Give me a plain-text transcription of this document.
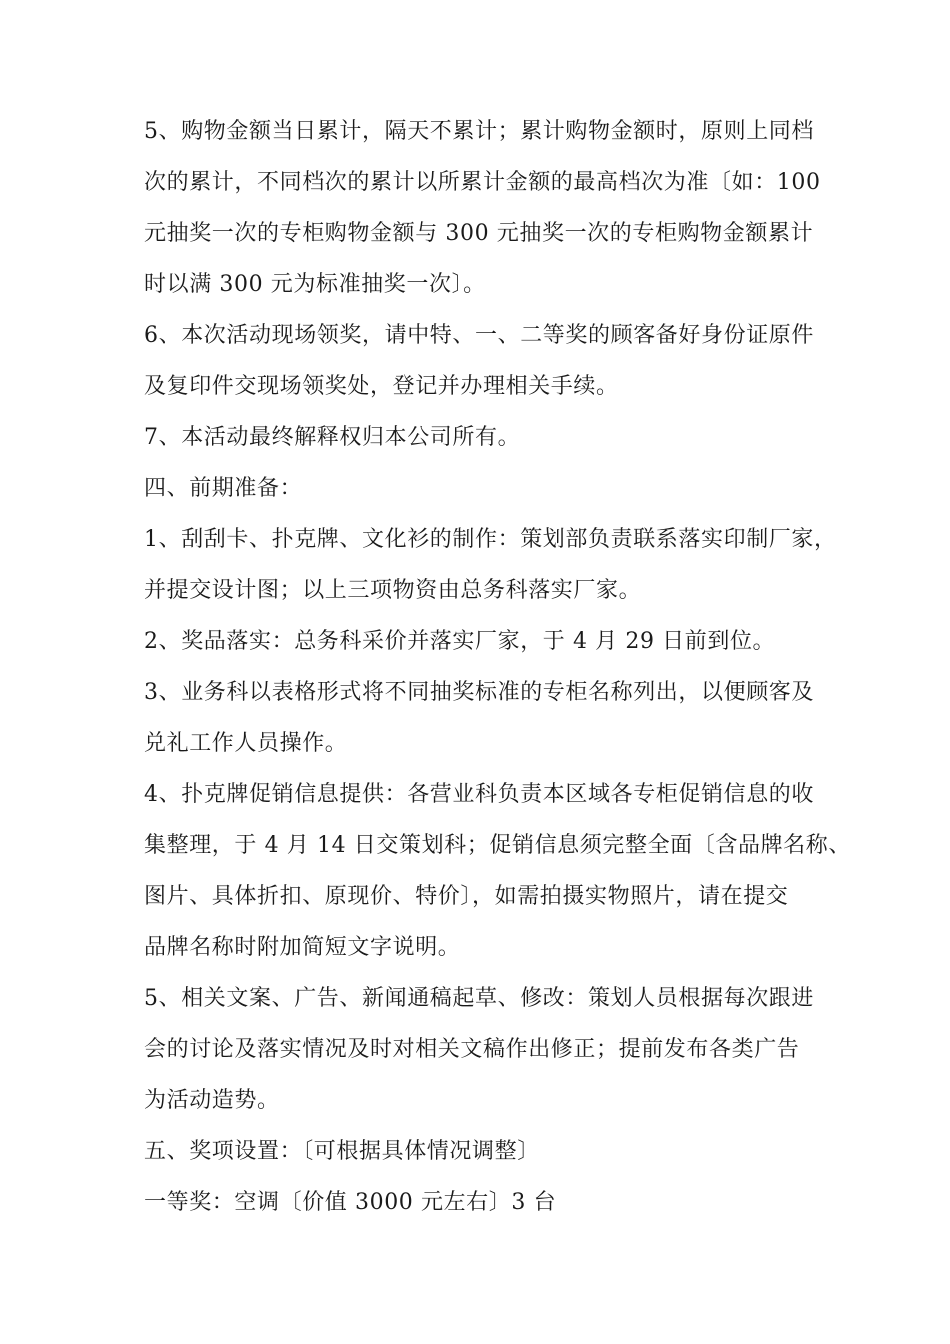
5、购物金额当日累计，隔天不累计；累计购物金额时，原则上同档
次的累计，不同档次的累计以所累计金额的最高档次为准〔如：100
元抽奖一次的专柜购物金额与 300 元抽奖一次的专柜购物金额累计
时以满 300 元为标准抽奖一次〕。

6、本次活动现场领奖，请中特、一、二等奖的顾客备好身份证原件
及复印件交现场领奖处，登记并办理相关手续。

7、本活动最终解释权归本公司所有。

四、前期准备：

1、刮刮卡、扑克牌、文化衫的制作：策划部负责联系落实印制厂家，
并提交设计图；以上三项物资由总务科落实厂家。

2、奖品落实：总务科采价并落实厂家，于 4 月 29 日前到位。

3、业务科以表格形式将不同抽奖标准的专柜名称列出，以便顾客及
兑礼工作人员操作。

4、扑克牌促销信息提供：各营业科负责本区域各专柜促销信息的收
集整理，于 4 月 14 日交策划科；促销信息须完整全面〔含品牌名称、
图片、具体折扣、原现价、特价〕，如需拍摄实物照片，请在提交
品牌名称时附加简短文字说明。

5、相关文案、广告、新闻通稿起草、修改：策划人员根据每次跟进
会的讨论及落实情况及时对相关文稿作出修正；提前发布各类广告
为活动造势。

五、奖项设置：〔可根据具体情况调整〕

一等奖：空调〔价值 3000 元左右〕3 台
